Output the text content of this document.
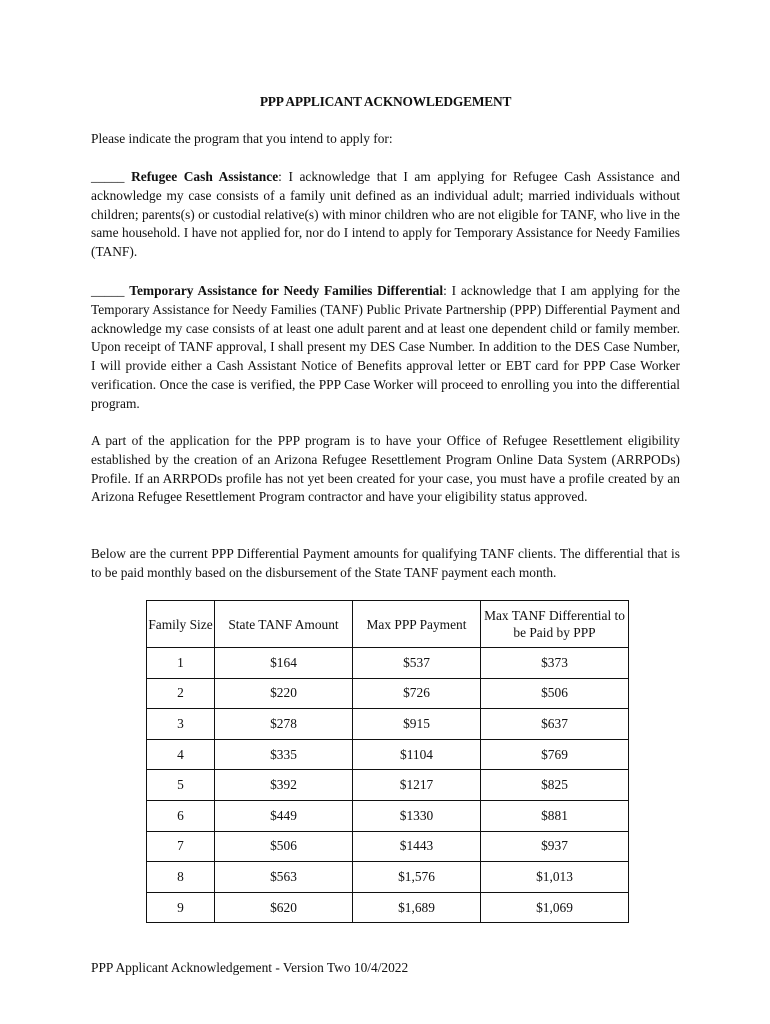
PPP APPLICANT ACKNOWLEDGEMENT

Please indicate the program that you intend to apply for:

_____ Refugee Cash Assistance: I acknowledge that I am applying for Refugee Cash Assistance and acknowledge my case consists of a family unit defined as an individual adult; married individuals without children; parents(s) or custodial relative(s) with minor children who are not eligible for TANF, who live in the same household. I have not applied for, nor do I intend to apply for Temporary Assistance for Needy Families (TANF).

_____ Temporary Assistance for Needy Families Differential: I acknowledge that I am applying for the Temporary Assistance for Needy Families (TANF) Public Private Partnership (PPP) Differential Payment and acknowledge my case consists of at least one adult parent and at least one dependent child or family member. Upon receipt of TANF approval, I shall present my DES Case Number. In addition to the DES Case Number, I will provide either a Cash Assistant Notice of Benefits approval letter or EBT card for PPP Case Worker verification. Once the case is verified, the PPP Case Worker will proceed to enrolling you into the differential program.

A part of the application for the PPP program is to have your Office of Refugee Resettlement eligibility established by the creation of an Arizona Refugee Resettlement Program Online Data System (ARRPODs) Profile. If an ARRPODs profile has not yet been created for your case, you must have a profile created by an Arizona Refugee Resettlement Program contractor and have your eligibility status approved.

Below are the current PPP Differential Payment amounts for qualifying TANF clients. The differential that is to be paid monthly based on the disbursement of the State TANF payment each month.

Family Size	State TANF Amount	Max PPP Payment	Max TANF Differential to be Paid by PPP
1	$164	$537	$373
2	$220	$726	$506
3	$278	$915	$637
4	$335	$1104	$769
5	$392	$1217	$825
6	$449	$1330	$881
7	$506	$1443	$937
8	$563	$1,576	$1,013
9	$620	$1,689	$1,069
PPP Applicant Acknowledgement - Version Two 10/4/2022
